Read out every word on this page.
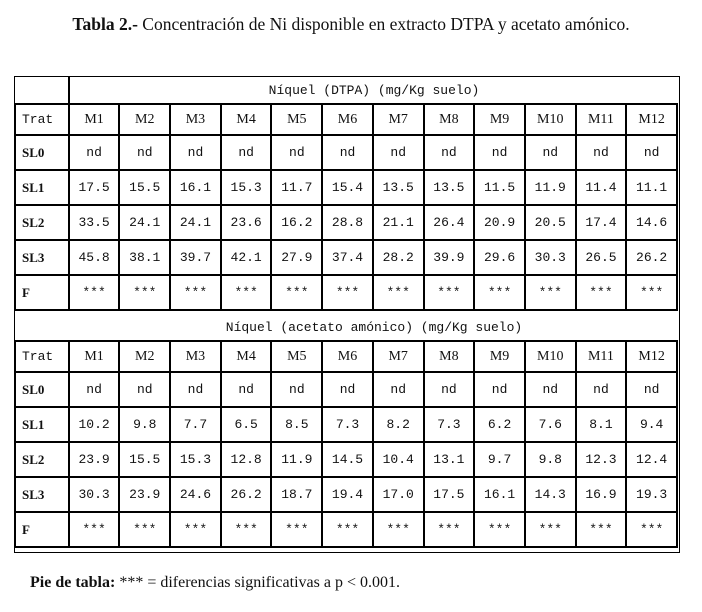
Tabla 2.- Concentración de Ni disponible en extracto DTPA y acetato amónico.
Níquel (DTPA) (mg/Kg suelo)
Trat	M1	M2	M3	M4	M5	M6	M7	M8	M9	M10	M11	M12
SL0	nd	nd	nd	nd	nd	nd	nd	nd	nd	nd	nd	nd
SL1	17.5	15.5	16.1	15.3	11.7	15.4	13.5	13.5	11.5	11.9	11.4	11.1
SL2	33.5	24.1	24.1	23.6	16.2	28.8	21.1	26.4	20.9	20.5	17.4	14.6
SL3	45.8	38.1	39.7	42.1	27.9	37.4	28.2	39.9	29.6	30.3	26.5	26.2
F	***	***	***	***	***	***	***	***	***	***	***	***
Níquel (acetato amónico) (mg/Kg suelo)
Trat	M1	M2	M3	M4	M5	M6	M7	M8	M9	M10	M11	M12
SL0	nd	nd	nd	nd	nd	nd	nd	nd	nd	nd	nd	nd
SL1	10.2	9.8	7.7	6.5	8.5	7.3	8.2	7.3	6.2	7.6	8.1	9.4
SL2	23.9	15.5	15.3	12.8	11.9	14.5	10.4	13.1	9.7	9.8	12.3	12.4
SL3	30.3	23.9	24.6	26.2	18.7	19.4	17.0	17.5	16.1	14.3	16.9	19.3
F	***	***	***	***	***	***	***	***	***	***	***	***
Pie de tabla: *** = diferencias significativas a p < 0.001.
